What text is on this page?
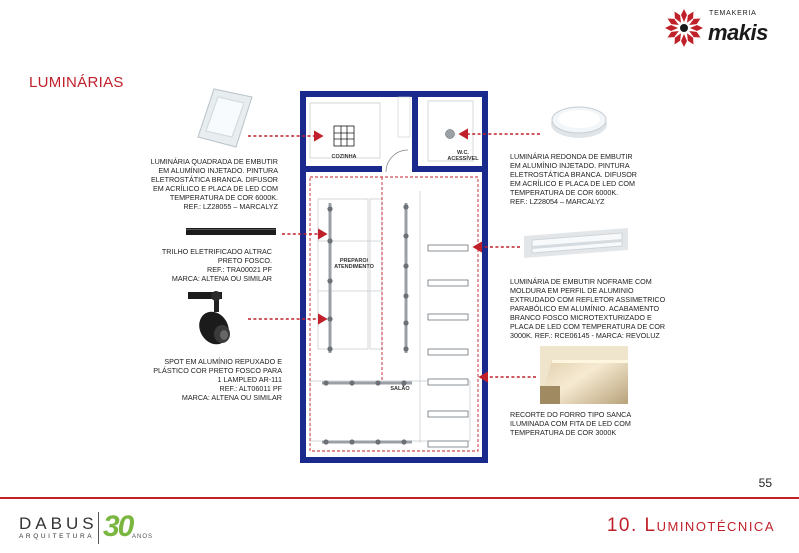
LUMINÁRIAS
TEMAKERIA
makis
COZINHA
W.C.
ACESSÍVEL
PREPARO/
ATENDIMENTO
SALÃO
LUMINÁRIA QUADRADA DE EMBUTIR
EM ALUMÍNIO INJETADO. PINTURA
ELETROSTÁTICA BRANCA. DIFUSOR
EM ACRÍLICO E PLACA DE LED COM
TEMPERATURA DE COR 6000K.
REF.: LZ28055 – MARCALYZ
TRILHO ELETRIFICADO ALTRAC
PRETO FOSCO.
REF.: TRA00021 PF
MARCA: ALTENA OU SIMILAR
SPOT EM ALUMÍNIO REPUXADO E
PLÁSTICO COR PRETO FOSCO PARA
1 LAMPLED AR-111
REF.: ALT06011 PF
MARCA: ALTENA OU SIMILAR
LUMINÁRIA REDONDA DE EMBUTIR
EM ALUMÍNIO INJETADO. PINTURA
ELETROSTÁTICA BRANCA. DIFUSOR
EM ACRÍLICO E PLACA DE LED COM
TEMPERATURA DE COR 6000K.
REF.: LZ28054 – MARCALYZ
LUMINÁRIA DE EMBUTIR NOFRAME COM
MOLDURA EM PERFIL DE ALUMINIO
EXTRUDADO COM REFLETOR ASSIMETRICO
PARABÓLICO EM ALUMÍNIO. ACABAMENTO
BRANCO FOSCO MICROTEXTURIZADO E
PLACA DE LED COM TEMPERATURA DE COR
3000K. REF.: RCE06145 - MARCA: REVOLUZ
RECORTE DO FORRO TIPO SANCA
ILUMINADA COM FITA DE LED COM
TEMPERATURA DE COR 3000K
55
DABUS
ARQUITETURA 30 ANOS
10. Luminotécnica
